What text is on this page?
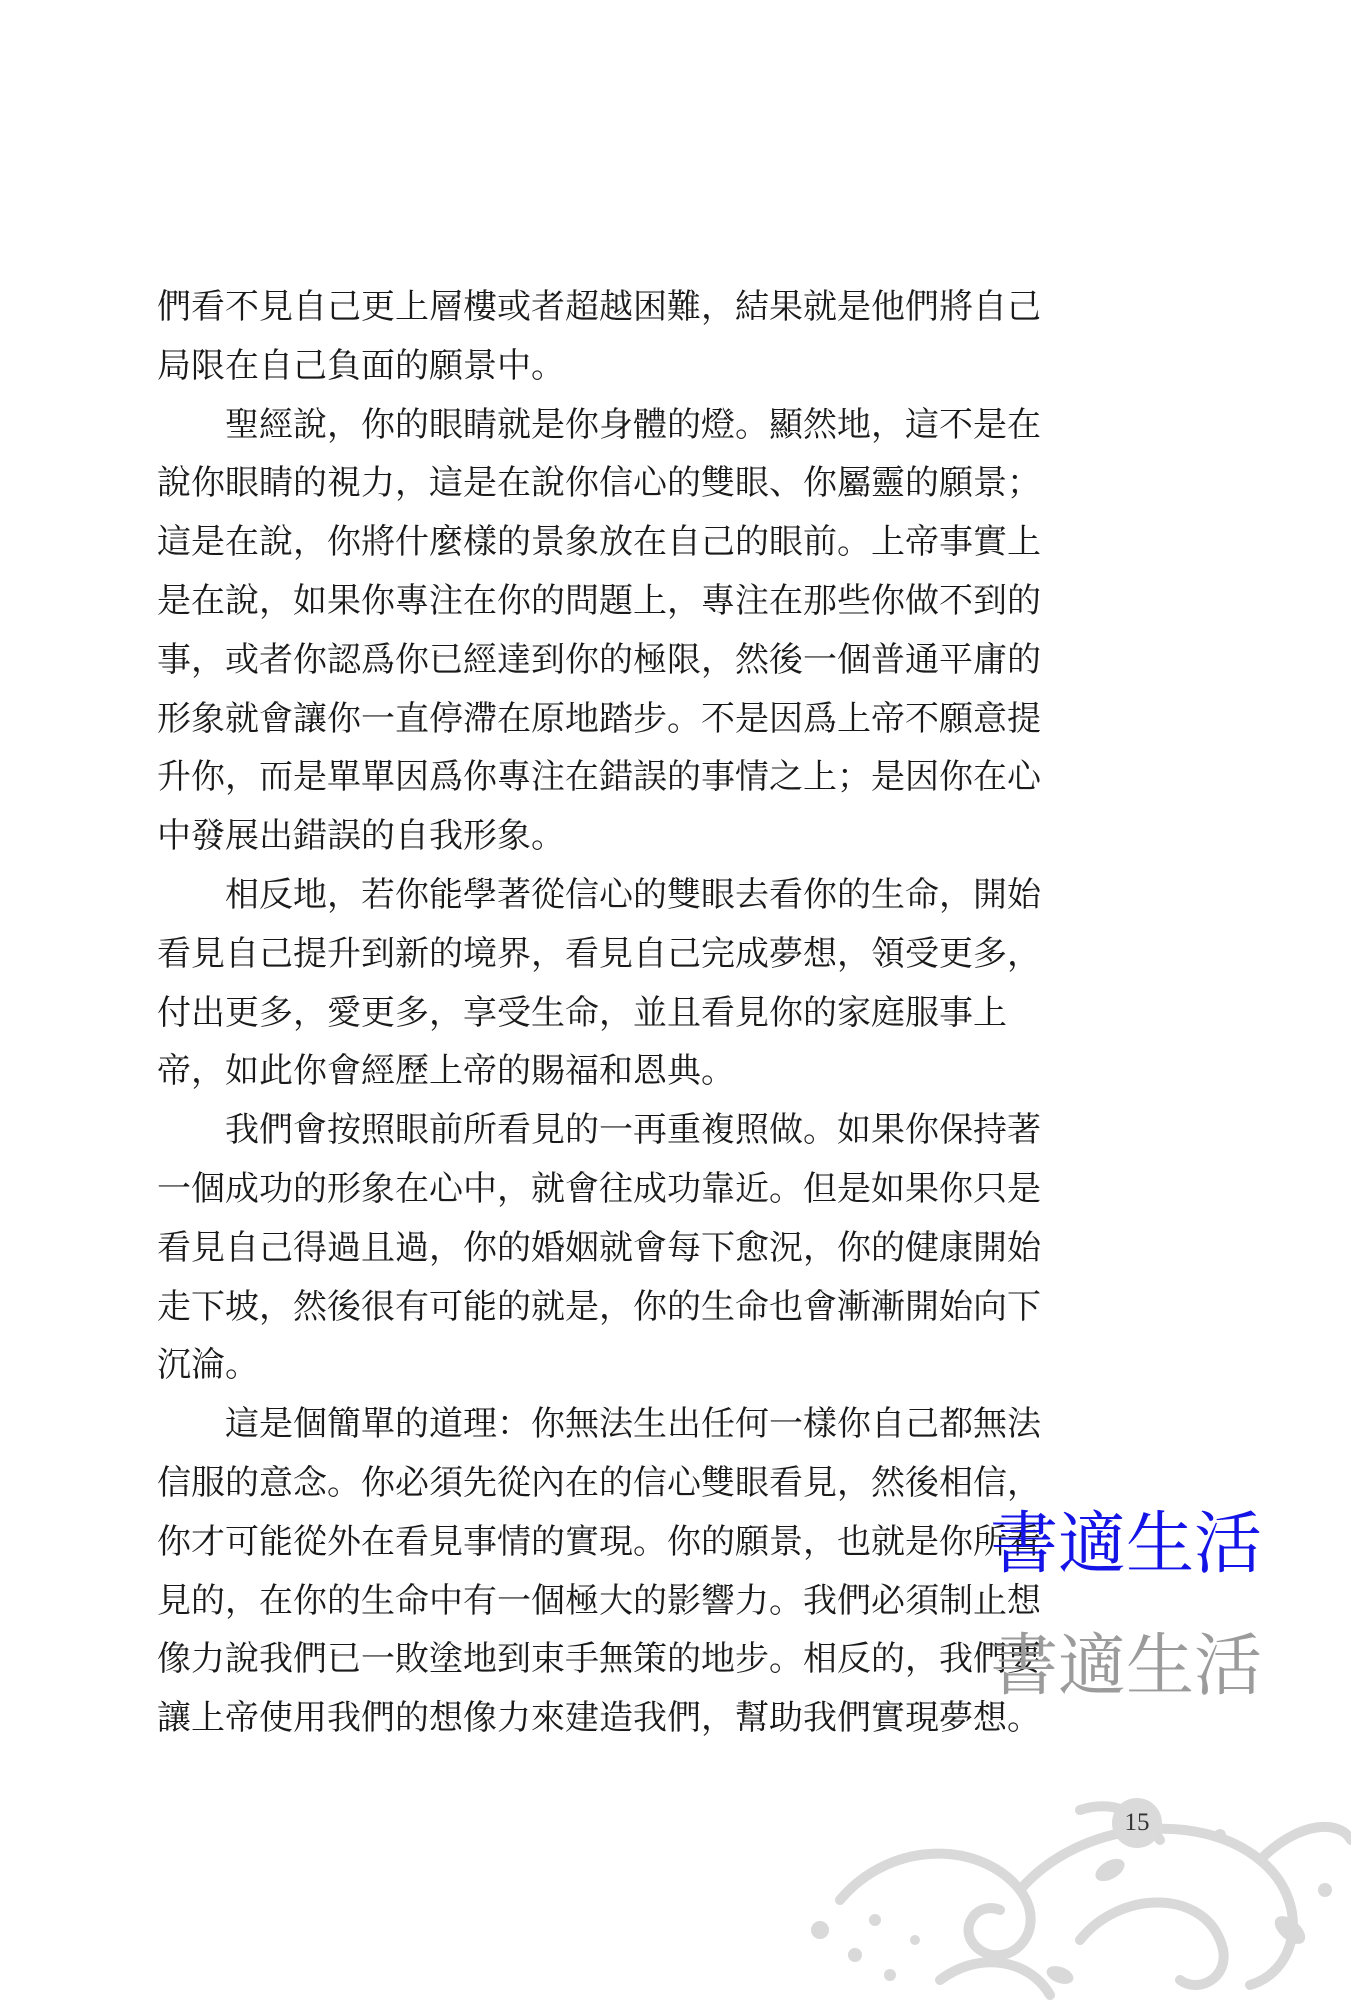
們看不見自己更上層樓或者超越困難，結果就是他們將自己
局限在自己負面的願景中。
聖經說，你的眼睛就是你身體的燈。顯然地，這不是在
說你眼睛的視力，這是在說你信心的雙眼、你屬靈的願景；
這是在說，你將什麼樣的景象放在自己的眼前。上帝事實上
是在說，如果你專注在你的問題上，專注在那些你做不到的
事，或者你認爲你已經達到你的極限，然後一個普通平庸的
形象就會讓你一直停滯在原地踏步。不是因爲上帝不願意提
升你，而是單單因爲你專注在錯誤的事情之上；是因你在心
中發展出錯誤的自我形象。
相反地，若你能學著從信心的雙眼去看你的生命，開始
看見自己提升到新的境界，看見自己完成夢想，領受更多，
付出更多，愛更多，享受生命，並且看見你的家庭服事上
帝，如此你會經歷上帝的賜福和恩典。
我們會按照眼前所看見的一再重複照做。如果你保持著
一個成功的形象在心中，就會往成功靠近。但是如果你只是
看見自己得過且過，你的婚姻就會每下愈況，你的健康開始
走下坡，然後很有可能的就是，你的生命也會漸漸開始向下
沉淪。
這是個簡單的道理：你無法生出任何一樣你自己都無法
信服的意念。你必須先從內在的信心雙眼看見，然後相信，
你才可能從外在看見事情的實現。你的願景，也就是你所看
見的，在你的生命中有一個極大的影響力。我們必須制止想
像力說我們已一敗塗地到束手無策的地步。相反的，我們要
讓上帝使用我們的想像力來建造我們，幫助我們實現夢想。
書適生活
書適生活
15
